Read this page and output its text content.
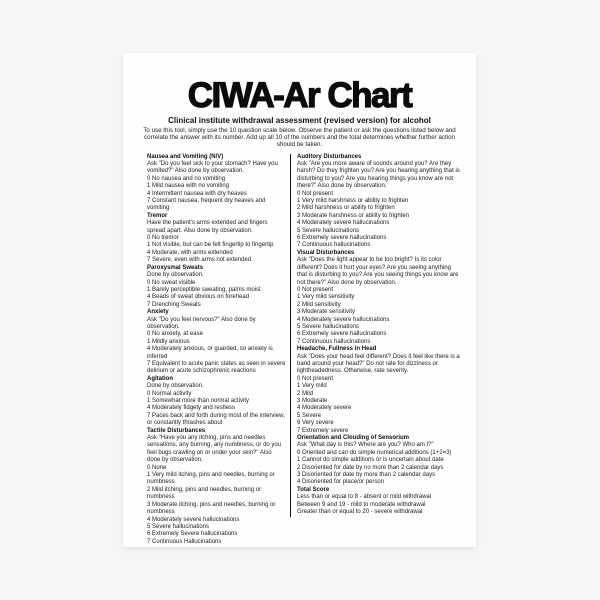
CIWA-Ar Chart
Clinical institute withdrawal assessment (revised version) for alcohol

To use this tool, simply use the 10 question scale below. Observe the patient or ask the questions listed below and correlate the answer with its number. Add up all 10 of the numbers and the total determines whether further action should be taken.

Nausea and Vomiting (N/V)
Ask "Do you feel sick to your stomach? Have you vomited?" Also done by observation.
0 No nausea and no vomiting
1 Mild nausea with no vomiting
4 Intermittent nausea with dry heaves
7 Constant nausea, frequent dry heaves and vomiting
Tremor
Have the patient's arms extended and fingers spread apart. Also done by observation.
0 No tremor
1 Not visible, but can be felt fingertip to fingertip
4 Moderate, with arms extended
7 Severe, even with arms not extended
Paroxysmal Sweats
Done by observation.
0 No sweat visible
1 Barely perceptible sweating, palms moist
4 Beads of sweat obvious on forehead
7 Drenching Sweats
Anxiety
Ask "Do you feel nervous?" Also done by observation.
0 No anxiety, at ease
1 Mildly anxious
4 Moderately anxious, or guarded, so anxiety is inferred
7 Equivalent to acute panic states as seen in severe delirium or acute schizophrenic reactions
Agitation
Done by observation.
0 Normal activity
1 Somewhat more than normal activity
4 Moderately fidgety and restless
7 Paces back and forth during most of the interview, or constantly thrashes about
Tactile Disturbances
Ask "Have you any itching, pins and needles sensations, any burning, any numbness, or do you feel bugs crawling on or under your skin?" Also done by observation.
0 None
1 Very mild itching, pins and needles, burning or numbness
2 Mild itching, pins and needles, burning or numbness
3 Moderate itching, pins and needles, burning or numbness
4 Moderately severe hallucinations
5 Severe hallucinations
6 Extremely Severe hallucinations
7 Continuous Hallucinations
Auditory Disturbances
Ask "Are you more aware of sounds around you? Are they harsh? Do they frighten you? Are you hearing anything that is disturbing to you? Are you hearing things you know are not there?" Also done by observation.
0 Not present
1 Very mild harshness or ability to frighten
2 Mild harshness or ability to frighten
3 Moderate harshness or ability to frighten
4 Moderately severe hallucinations
5 Severe hallucinations
6 Extremely severe hallucinations
7 Continuous hallucinations
Visual Disturbances
Ask "Does the light appear to be too bright? Is its color different? Does it hurt your eyes? Are you seeing anything that is disturbing to you? Are you seeing things you know are not there?" Also done by observation.
0 Not present
1 Very mild sensitivity
2 Mild sensitivity
3 Moderate sensitivity
4 Moderately severe hallucinations
5 Severe hallucinations
6 Extremely severe hallucinations
7 Continuous hallucinations
Headache, Fullness in Head
Ask "Does your head feel different? Does it feel like there is a band around your head?" Do not rate for dizziness or lightheadedness. Otherwise, rate severity.
0 Not present
1 Very mild
2 Mild
3 Moderate
4 Moderately severe
5 Severe
6 Very severe
7 Extremely severe
Orientation and Clouding of Sensorium
Ask "What day is this? Where are you? Who am I?"
0 Oriented and can do simple numerical additions (1+2=3)
1 Cannot do simple additions or is uncertain about date
2 Disoriented for date by no more than 2 calendar days
3 Disoriented for date by more than 2 calendar days
4 Disoriented for place/or person
Total Score
Less than or equal to 8 - absent or mild withdrawal
Between 9 and 19 - mild to moderate withdrawal
Greater than or equal to 20 - severe withdrawal
